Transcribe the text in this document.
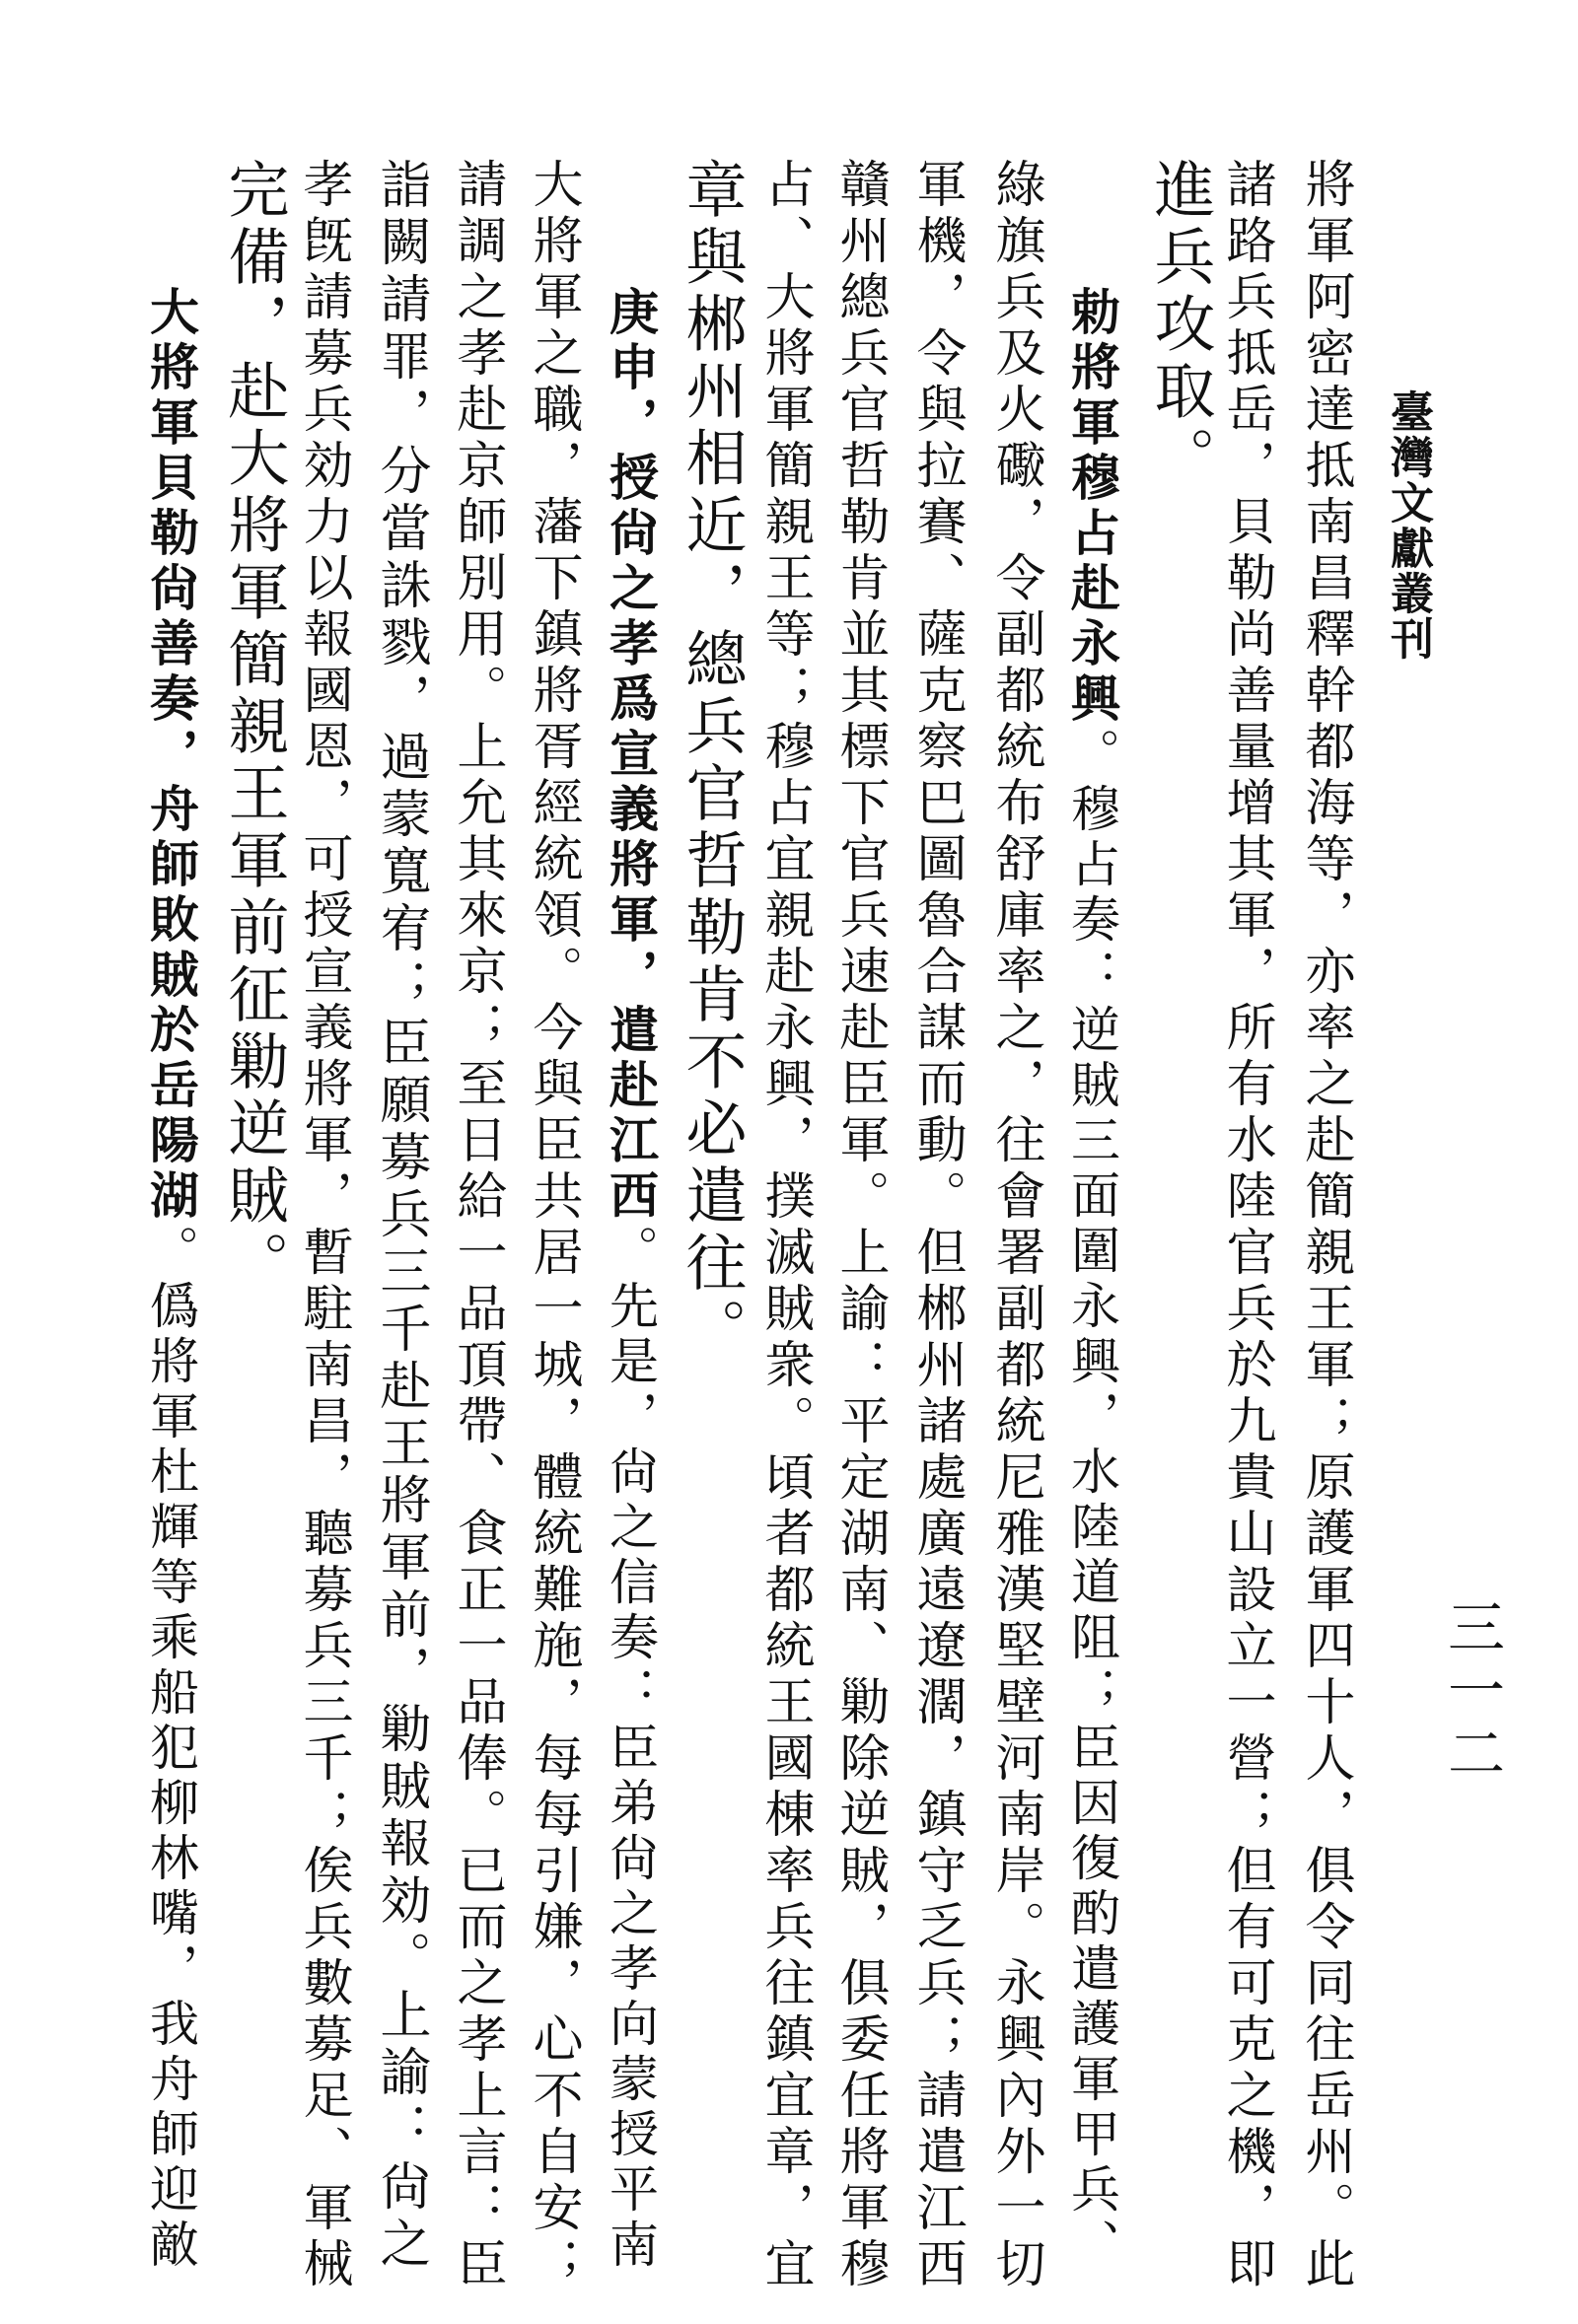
臺灣文獻叢刊
三一二
將軍阿密達抵南昌釋幹都海等，亦率之赴簡親王軍；原護軍四十人，俱令同往岳州。此
諸路兵抵岳，貝勒尚善量增其軍，所有水陸官兵於九貴山設立一營；但有可克之機，即
進兵攻取。
勅將軍穆占赴永興。穆占奏：逆賊三面圍永興，水陸道阻；臣因復酌遣護軍甲兵、
綠旗兵及火礮，令副都統布舒庫率之，往會署副都統尼雅漢堅壁河南岸。永興內外一切
軍機，令與拉賽、薩克察巴圖魯合謀而動。但郴州諸處廣遠遼濶，鎮守乏兵；請遣江西
贛州總兵官哲勒肯並其標下官兵速赴臣軍。上諭：平定湖南、勦除逆賊，俱委任將軍穆
占、大將軍簡親王等；穆占宜親赴永興，撲滅賊衆。頃者都統王國棟率兵往鎮宜章，宜
章與郴州相近，總兵官哲勒肯不必遣往。
庚申，授尙之孝爲宣義將軍，遣赴江西。先是，尙之信奏：臣弟尙之孝向蒙授平南
大將軍之職，藩下鎮將胥經統領。今與臣共居一城，體統難施，每每引嫌，心不自安；
請調之孝赴京師別用。上允其來京；至日給一品頂帶、食正一品俸。已而之孝上言：臣
詣闕請罪，分當誅戮，過蒙寬宥；臣願募兵三千赴王將軍前，勦賊報効。上諭：尙之
孝旣請募兵効力以報國恩，可授宣義將軍，暫駐南昌，聽募兵三千；俟兵數募足、軍械
完備，赴大將軍簡親王軍前征勦逆賊。
大將軍貝勒尙善奏，舟師敗賊於岳陽湖。僞將軍杜輝等乘船犯柳林嘴，我舟師迎敵
